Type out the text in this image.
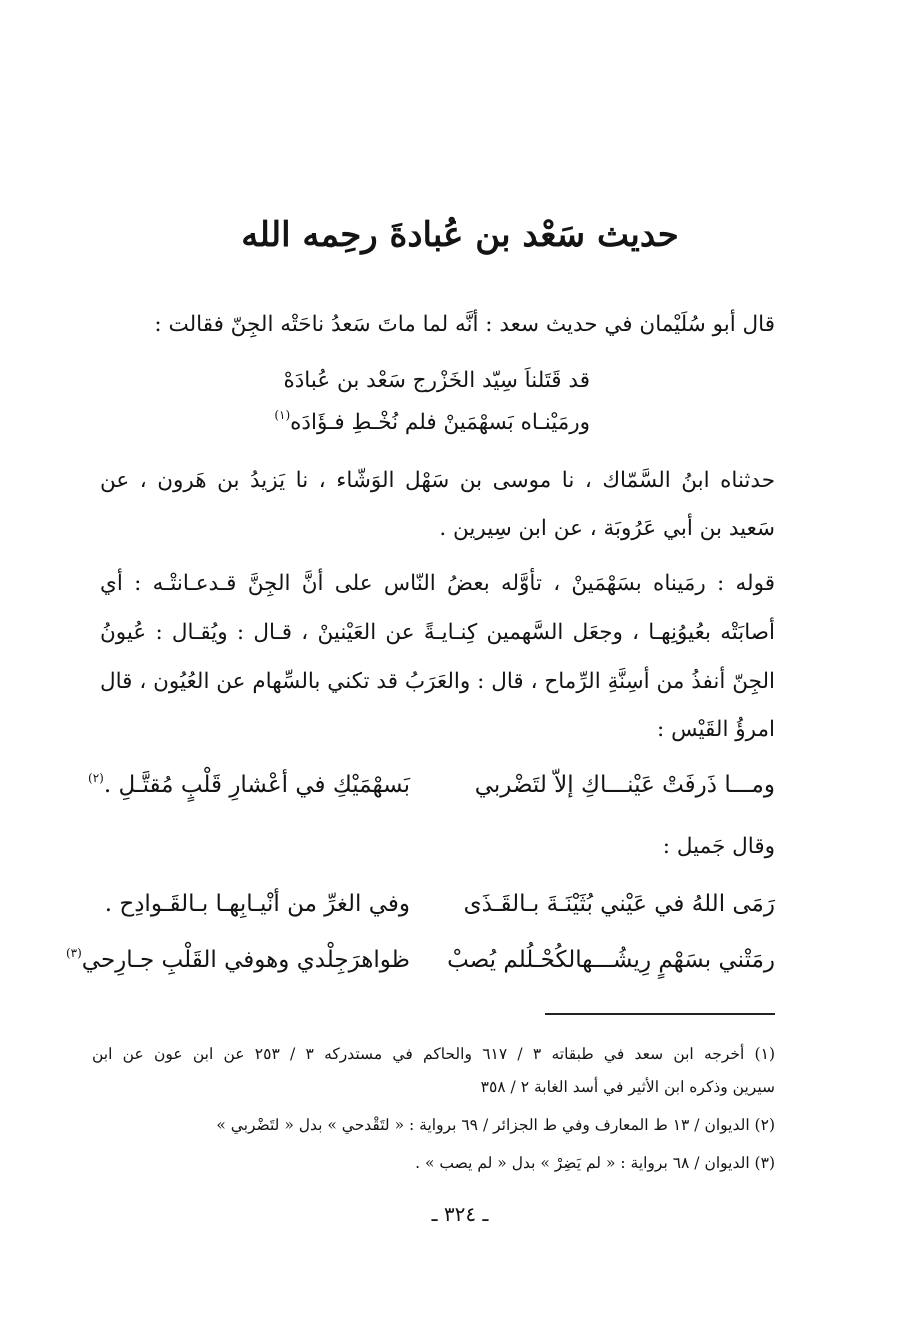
حديث سَعْد بن عُبادةَ رحِمه الله
قال أبو سُلَيْمان في حديث سعد : أنَّه لما ماتَ سَعدُ ناحَتْه الجِنّ فقالت :
قد قَتَلناَ سِيّد الخَزْرج سَعْد بن عُبادَهْ
ورمَيْنـاه بَسهْمَينْ فلم نُخْـطِ فـؤَادَه$^{(١)}$
حدثناه ابنُ السَّمّاك ، نا موسى بن سَهْل الوَشّاء ، نا يَزيدُ بن هَرون ، عن
سَعيد بن أبي عَرُوبَة ، عن ابن سِيرين .
قوله : رمَيناه بسَهْمَينْ ، تأوَّله بعضُ النّاس على أنَّ الجِنَّ قـدعـانتْـه : أي
أصابَتْه بعُيوُنِهـا ، وجعَل السَّهمين كِنـايـةً عن العَيْنينْ ، قـال : ويُقـال : عُيونُ
الجِنّ أنفذُ من أسِنَّةِ الرِّماح ، قال : والعَرَبُ قد تكني بالسِّهام عن العُيُون ، قال
امرؤُ القَيْس :
ومـــا ذَرفَتْ عَيْنـــاكِ إلاّ لتَضْربي
بَسهْمَيْكِ في أعْشارِ قَلْبٍ مُقتَّـلِ .$^{(٢)}$
وقال جَميل :
رَمَى اللهُ في عَيْني بُثَيْنَـةَ بـالقَـذَى
وفي الغرِّ من أنْيـابِهـا بـالقَـوادِح .
رمَتْني بسَهْمٍ رِيشُـــهالكُحْـلُلم يُصبْ
ظواهرَجِلْدي وهوفي القَلْبِ جـارِحي$^{(٣)}$
(١) أخرجه ابن سعد في طبقاته ٣ / ٦١٧ والحاكم في مستدركه ٣ / ٢٥٣ عن ابن عون عن ابن
سيرين وذكره ابن الأثير في أسد الغابة ٢ / ٣٥٨
(٢) الديوان / ١٣ ط المعارف وفي ط الجزائر / ٦٩ برواية : « لتَقْدحي » بدل « لتَضْربي »
(٣) الديوان / ٦٨ برواية : « لم يَضِرْ » بدل « لم يصب » .
ـ ٣٢٤ ـ
